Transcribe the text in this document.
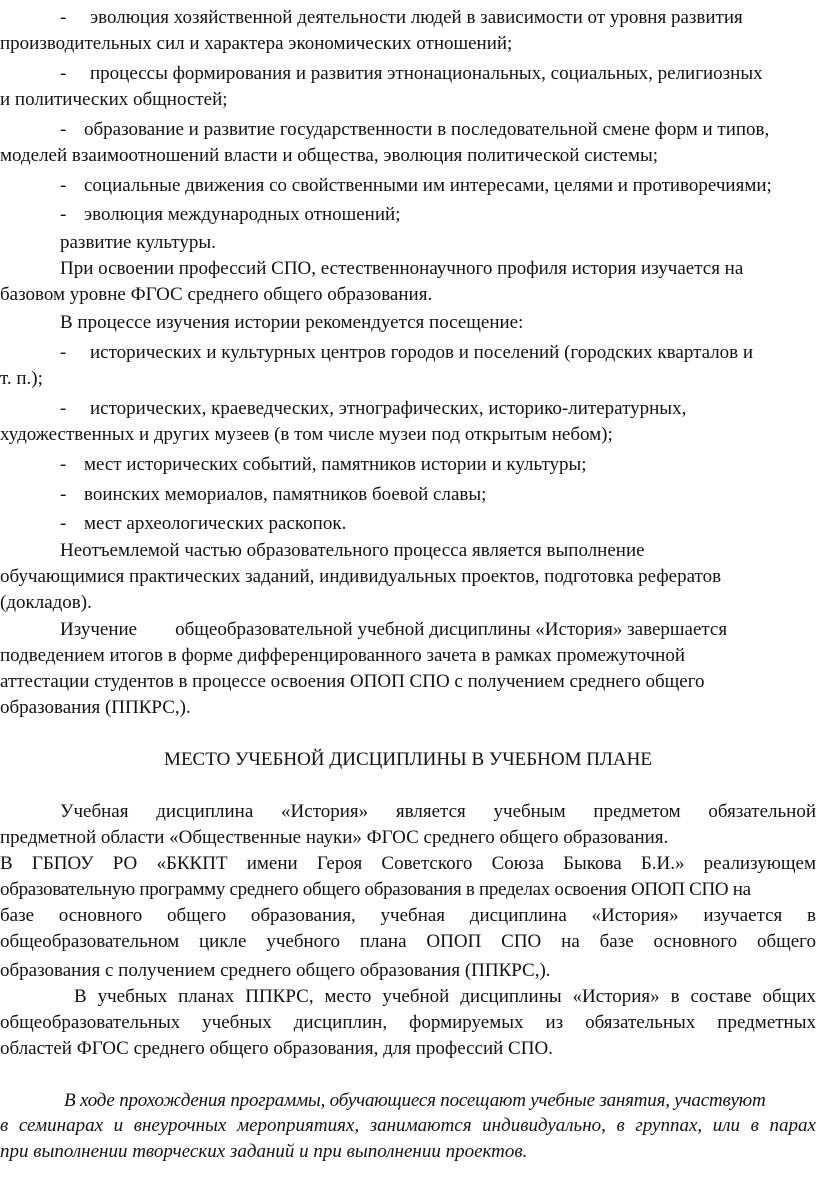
- эволюция хозяйственной деятельности людей в зависимости от уровня развития
производительных сил и характера экономических отношений;
- процессы формирования и развития этнонациональных, социальных, религиозных
и политических общностей;
- образование и развитие государственности в последовательной смене форм и типов,
моделей взаимоотношений власти и общества, эволюция политической системы;
- социальные движения со свойственными им интересами, целями и противоречиями;
- эволюция международных отношений;
развитие культуры.
При освоении профессий СПО, естественнонаучного профиля история изучается на
базовом уровне ФГОС среднего общего образования.
В процессе изучения истории рекомендуется посещение:
- исторических и культурных центров городов и поселений (городских кварталов и
т. п.);
- исторических, краеведческих, этнографических, историко-литературных,
художественных и других музеев (в том числе музеи под открытым небом);
- мест исторических событий, памятников истории и культуры;
- воинских мемориалов, памятников боевой славы;
- мест археологических раскопок.
Неотъемлемой частью образовательного процесса является выполнение
обучающимися практических заданий, индивидуальных проектов, подготовка рефератов
(докладов).
Изучение        общеобразовательной учебной дисциплины «История» завершается
подведением итогов в форме дифференцированного зачета в рамках промежуточной
аттестации студентов в процессе освоения ОПОП СПО с получением среднего общего
образования (ППКРС,).
МЕСТО УЧЕБНОЙ ДИСЦИПЛИНЫ В УЧЕБНОМ ПЛАНЕ
Учебная дисциплина «История» является учебным предметом обязательной
предметной области «Общественные науки» ФГОС среднего общего образования.
В ГБПОУ РО «БККПТ имени Героя Советского Союза Быкова Б.И.» реализующем
образовательную программу среднего общего образования в пределах освоения ОПОП СПО на
базе основного общего образования, учебная дисциплина «История» изучается в
общеобразовательном цикле учебного плана ОПОП СПО на базе основного общего
образования с получением среднего общего образования (ППКРС,).
В учебных планах ППКРС, место учебной дисциплины «История» в составе общих
общеобразовательных учебных дисциплин, формируемых из обязательных предметных
областей ФГОС среднего общего образования, для профессий СПО.
В ходе прохождения программы, обучающиеся посещают учебные занятия, участвуют
в семинарах и внеурочных мероприятиях, занимаются индивидуально, в группах, или в парах
при выполнении творческих заданий и при выполнении проектов.
